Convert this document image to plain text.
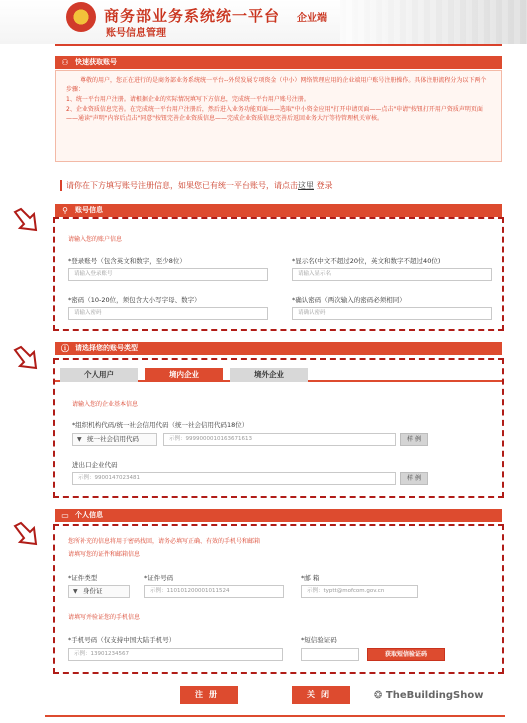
商务部业务系统统一平台 企业端
账号信息管理
⚇ 快速获取账号

尊敬的用户，您正在进行的是商务部业务系统统一平台--外贸发展专项资金（中小）网络管理应用的企业端用户账号注册操作。具体注册流程分为以下两个步骤：

1、统一平台用户注册。请根据企业的实际情况填写下方信息，完成统一平台用户账号注册。

2、企业资质信息完善。在完成统一平台用户注册后，然后进入业务功能页面——选取"中小资金应用"打开申请页面——点击"申请"按钮打开用户资质声明页面——通读"声明"内容后点击"同意"按钮完善企业资质信息——完成企业资质信息完善后返回业务大厅等待管理机关审核。

请你在下方填写账号注册信息，如果您已有统一平台账号，请点击这里 登录
⚲ 账号信息
请输入您的账户信息
*登录账号（包含英文和数字，至少8位）
请输入登录账号
*显示名(中文不超过20位，英文和数字不超过40位)
请输入显示名
*密码（10-20位，须包含大小写字母、数字）
请输入密码
*确认密码（两次输入的密码必须相同）
请确认密码
ⓘ 请选择您的账号类型
个人用户	境内企业	境外企业
请输入您的企业基本信息
*组织机构代码/统一社会信用代码（统一社会信用代码18位）
▼ 统一社会信用代码	示例：9999000010163671613	样 例
进出口企业代码
示例：9900147023481	样 例
▭ 个人信息
您所补充的信息将用于密码找回，请务必填写正确、有效的手机号和邮箱
请填写您的证件和邮箱信息
*证件类型
▼ 身份证
*证件号码
示例：110101200001011524
*邮 箱
示例：typtt@mofcom.gov.cn
请填写并验证您的手机信息
*手机号码（仅支持中国大陆手机号）
示例：13901234567
*短信验证码
获取短信验证码
注册	关闭	❂ TheBuildingShow
